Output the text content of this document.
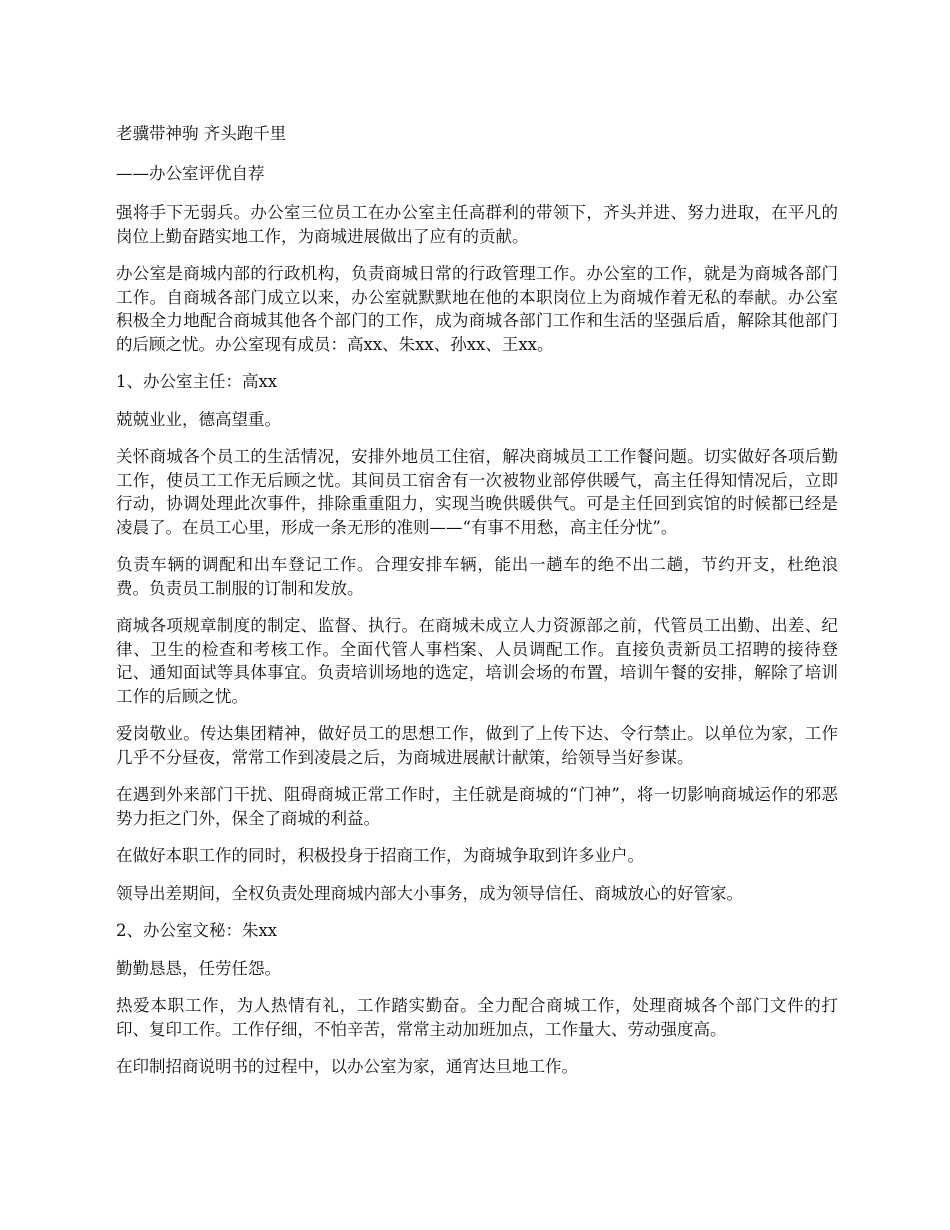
老骥带神驹 齐头跑千里

——办公室评优自荐

强将手下无弱兵。办公室三位员工在办公室主任高群利的带领下，齐头并进、努力进取，在平凡的岗位上勤奋踏实地工作，为商城进展做出了应有的贡献。

办公室是商城内部的行政机构，负责商城日常的行政管理工作。办公室的工作，就是为商城各部门工作。自商城各部门成立以来，办公室就默默地在他的本职岗位上为商城作着无私的奉献。办公室积极全力地配合商城其他各个部门的工作，成为商城各部门工作和生活的坚强后盾，解除其他部门的后顾之忧。办公室现有成员：高xx、朱xx、孙xx、王xx。

1、办公室主任：高xx

兢兢业业，德高望重。

关怀商城各个员工的生活情况，安排外地员工住宿，解决商城员工工作餐问题。切实做好各项后勤工作，使员工工作无后顾之忧。其间员工宿舍有一次被物业部停供暖气，高主任得知情况后，立即行动，协调处理此次事件，排除重重阻力，实现当晚供暖供气。可是主任回到宾馆的时候都已经是凌晨了。在员工心里，形成一条无形的准则——“有事不用愁，高主任分忧”。

负责车辆的调配和出车登记工作。合理安排车辆，能出一趟车的绝不出二趟，节约开支，杜绝浪费。负责员工制服的订制和发放。

商城各项规章制度的制定、监督、执行。在商城未成立人力资源部之前，代管员工出勤、出差、纪律、卫生的检查和考核工作。全面代管人事档案、人员调配工作。直接负责新员工招聘的接待登记、通知面试等具体事宜。负责培训场地的选定，培训会场的布置，培训午餐的安排，解除了培训工作的后顾之忧。

爱岗敬业。传达集团精神，做好员工的思想工作，做到了上传下达、令行禁止。以单位为家，工作几乎不分昼夜，常常工作到凌晨之后，为商城进展献计献策，给领导当好参谋。

在遇到外来部门干扰、阻碍商城正常工作时，主任就是商城的“门神”，将一切影响商城运作的邪恶势力拒之门外，保全了商城的利益。

在做好本职工作的同时，积极投身于招商工作，为商城争取到许多业户。

领导出差期间，全权负责处理商城内部大小事务，成为领导信任、商城放心的好管家。

2、办公室文秘：朱xx

勤勤恳恳，任劳任怨。

热爱本职工作，为人热情有礼，工作踏实勤奋。全力配合商城工作，处理商城各个部门文件的打印、复印工作。工作仔细，不怕辛苦，常常主动加班加点，工作量大、劳动强度高。

在印制招商说明书的过程中，以办公室为家，通宵达旦地工作。
